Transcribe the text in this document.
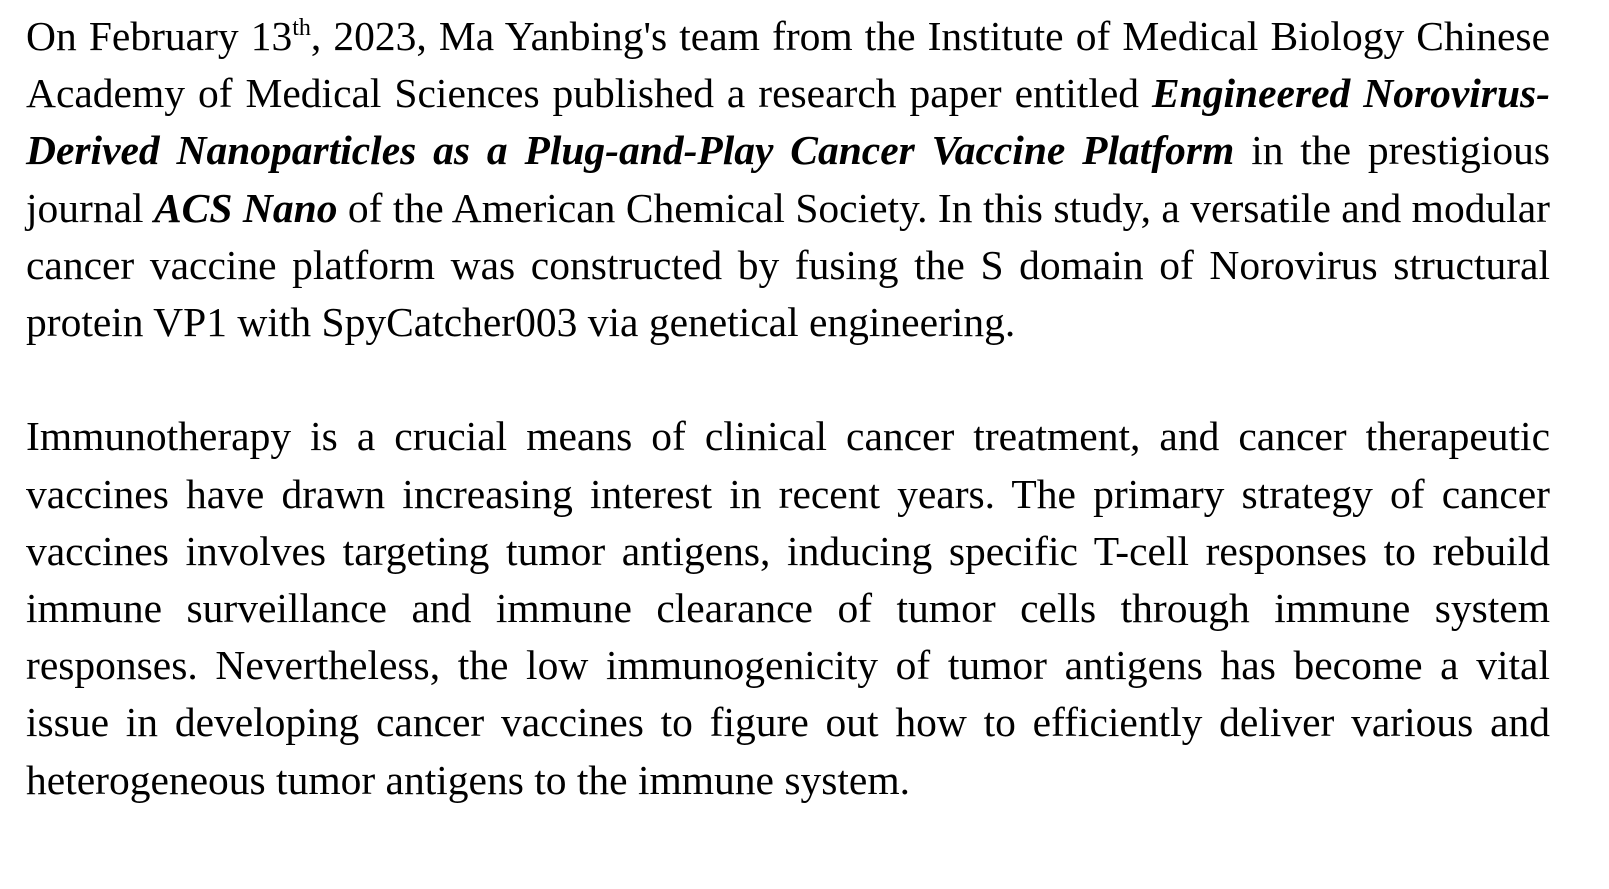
On February 13th, 2023, Ma Yanbing's team from the Institute of Medical Biology Chinese Academy of Medical Sciences published a research paper entitled Engineered Norovirus-Derived Nanoparticles as a Plug-and-Play Cancer Vaccine Platform in the prestigious journal ACS Nano of the American Chemical Society. In this study, a versatile and modular cancer vaccine platform was constructed by fusing the S domain of Norovirus structural protein VP1 with SpyCatcher003 via genetical engineering.

Immunotherapy is a crucial means of clinical cancer treatment, and cancer therapeutic vaccines have drawn increasing interest in recent years. The primary strategy of cancer vaccines involves targeting tumor antigens, inducing specific T-cell responses to rebuild immune surveillance and immune clearance of tumor cells through immune system responses. Nevertheless, the low immunogenicity of tumor antigens has become a vital issue in developing cancer vaccines to figure out how to efficiently deliver various and heterogeneous tumor antigens to the immune system.
